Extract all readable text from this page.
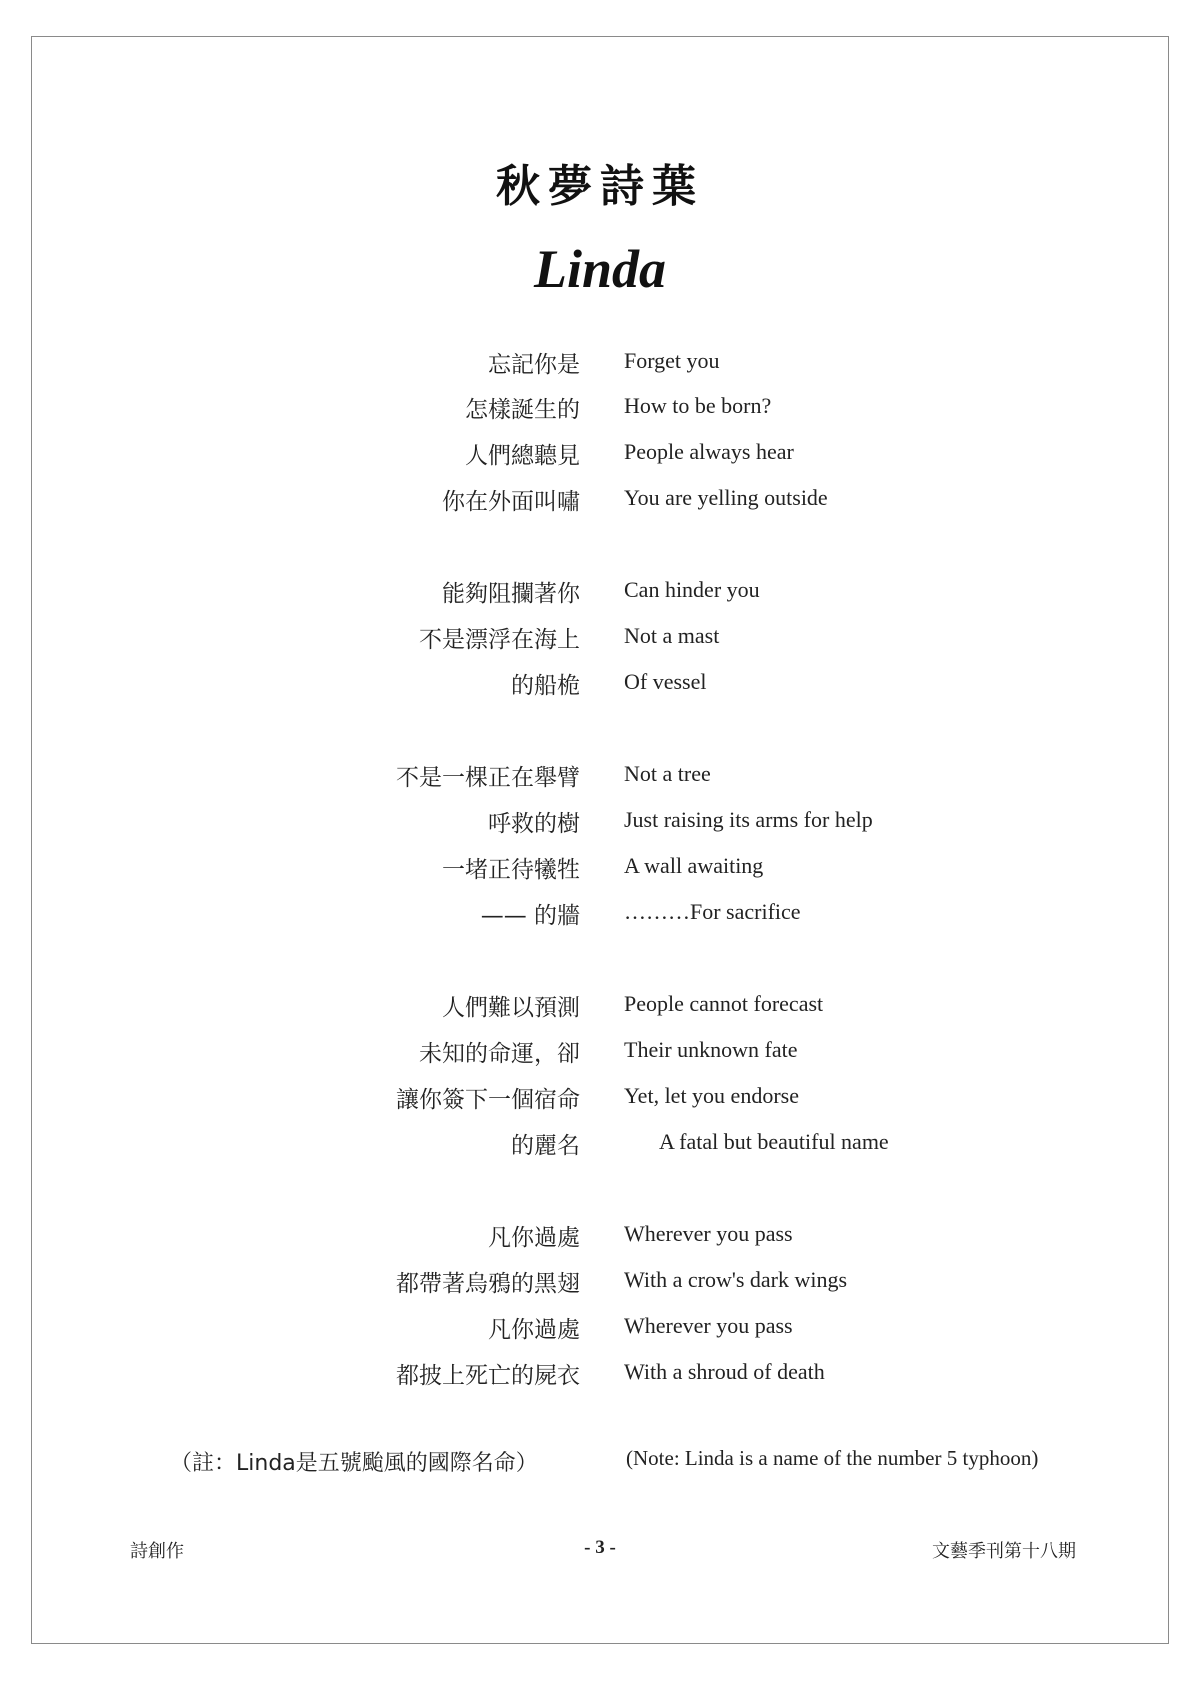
秋夢詩葉
Linda
忘記你是 Forget you
怎樣誕生的 How to be born?
人們總聽見 People always hear
你在外面叫嘯 You are yelling outside
能夠阻攔著你 Can hinder you
不是漂浮在海上 Not a mast
的船桅 Of vessel
不是一棵正在舉臂 Not a tree
呼救的樹 Just raising its arms for help
一堵正待犧牲 A wall awaiting
—— 的牆 ………For sacrifice
人們難以預測 People cannot forecast
未知的命運，卻 Their unknown fate
讓你簽下一個宿命 Yet, let you endorse
的麗名	A fatal but beautiful name
凡你過處 Wherever you pass
都帶著烏鴉的黑翅 With a crow's dark wings
凡你過處 Wherever you pass
都披上死亡的屍衣 With a shroud of death
（註：Linda是五號颱風的國際名命）	(Note: Linda is a name of the number 5 typhoon)
詩創作	- 3 -	文藝季刊第十八期
